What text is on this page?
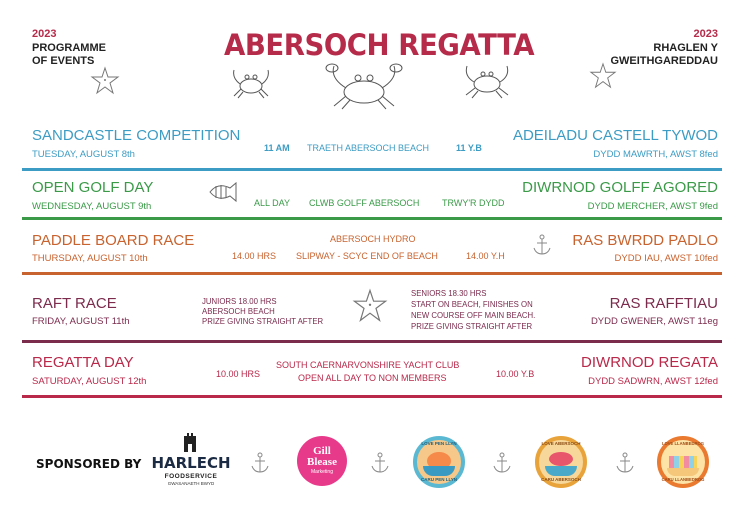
2023
PROGRAMME
OF EVENTS	ABERSOCH REGATTA	2023
RHAGLEN Y
GWEITHGAREDDAU
SANDCASTLE COMPETITION
TUESDAY, AUGUST 8th
11 AM TRAETH ABERSOCH BEACH	11 Y.B
ADEILADU CASTELL TYWOD
DYDD MAWRTH, AWST 8fed
OPEN GOLF DAY
WEDNESDAY, AUGUST 9th	ALL DAY CLWB GOLFF ABERSOCH	TRWY'R DYDD
DIWRNOD GOLFF AGORED
DYDD MERCHER, AWST 9fed
PADDLE BOARD RACE
THURSDAY, AUGUST 10th
ABERSOCH HYDRO
14.00 HRS SLIPWAY - SCYC END OF BEACH	14.00 Y.H
RAS BWRDD PADLO
DYDD IAU, AWST 10fed
RAFT RACE
FRIDAY, AUGUST 11th
JUNIORS 18.00 HRS
ABERSOCH BEACH
PRIZE GIVING STRAIGHT AFTER
SENIORS 18.30 HRS
START ON BEACH, FINISHES ON
NEW COURSE OFF MAIN BEACH.
PRIZE GIVING STRAIGHT AFTER
RAS RAFFTIAU
DYDD GWENER, AWST 11eg
REGATTA DAY
SATURDAY, AUGUST 12th
10.00 HRS
SOUTH CAERNARVONSHIRE YACHT CLUB
OPEN ALL DAY TO NON MEMBERS	10.00 Y.B
DIWRNOD REGATA
DYDD SADWRN, AWST 12fed
SPONSORED BY HARLECH
FOODSERVICE
GWASANAETH BWYD
Gill
Blease
Marketing
LOVE PEN LLYN
CARU PEN LLYN
LOVE ABERSOCH
CARU ABERSOCH
LOVE LLANBEDROG
CARU LLANBEDROG
